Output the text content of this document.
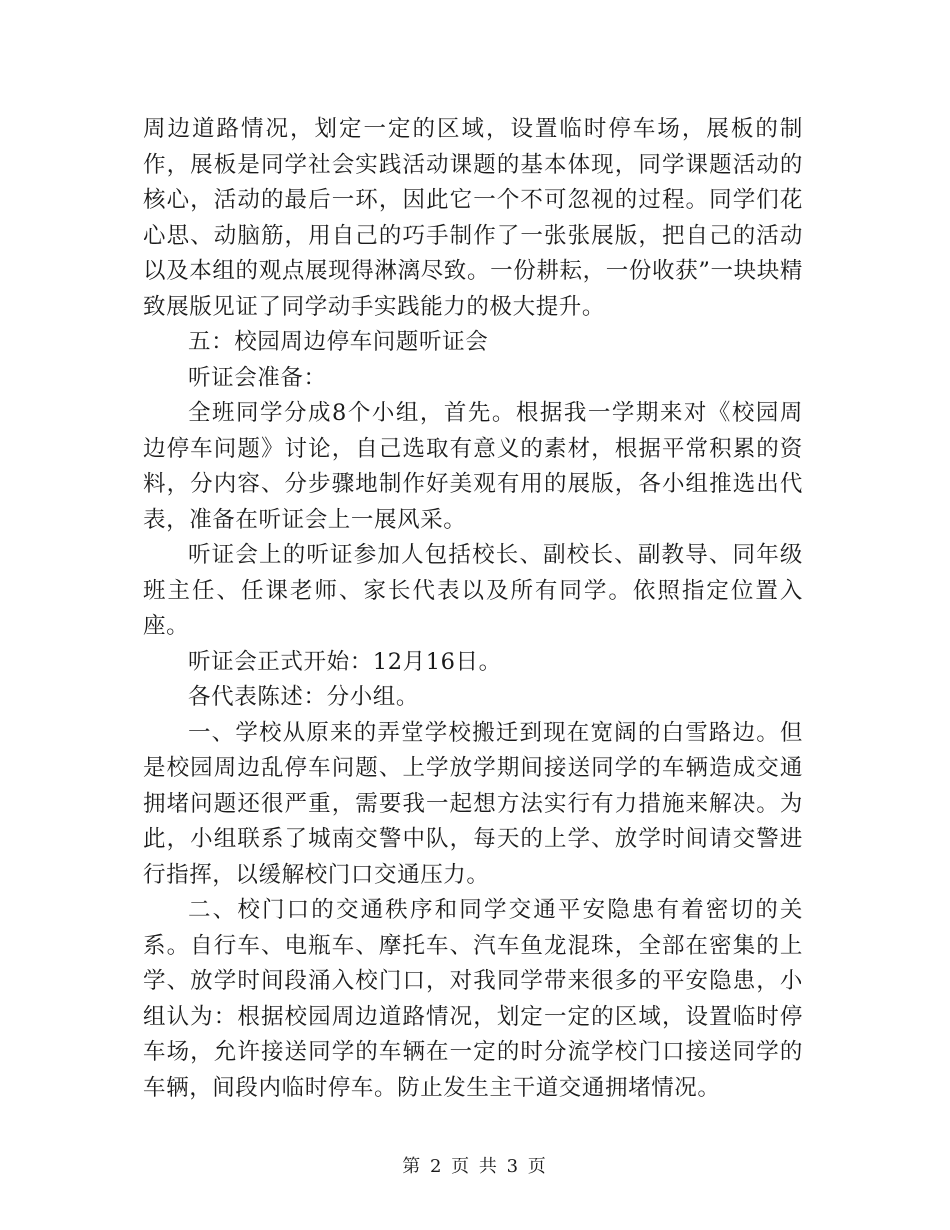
周边道路情况，划定一定的区域，设置临时停车场，展板的制作，展板是同学社会实践活动课题的基本体现，同学课题活动的核心，活动的最后一环，因此它一个不可忽视的过程。同学们花心思、动脑筋，用自己的巧手制作了一张张展版，把自己的活动以及本组的观点展现得淋漓尽致。一份耕耘，一份收获”一块块精致展版见证了同学动手实践能力的极大提升。

五：校园周边停车问题听证会

听证会准备：

全班同学分成8个小组，首先。根据我一学期来对《校园周边停车问题》讨论，自己选取有意义的素材，根据平常积累的资料，分内容、分步骤地制作好美观有用的展版，各小组推选出代表，准备在听证会上一展风采。

听证会上的听证参加人包括校长、副校长、副教导、同年级班主任、任课老师、家长代表以及所有同学。依照指定位置入座。

听证会正式开始：12月16日。

各代表陈述：分小组。

一、学校从原来的弄堂学校搬迁到现在宽阔的白雪路边。但是校园周边乱停车问题、上学放学期间接送同学的车辆造成交通拥堵问题还很严重，需要我一起想方法实行有力措施来解决。为此，小组联系了城南交警中队，每天的上学、放学时间请交警进行指挥，以缓解校门口交通压力。

二、校门口的交通秩序和同学交通平安隐患有着密切的关系。自行车、电瓶车、摩托车、汽车鱼龙混珠，全部在密集的上学、放学时间段涌入校门口，对我同学带来很多的平安隐患，小组认为：根据校园周边道路情况，划定一定的区域，设置临时停车场，允许接送同学的车辆在一定的时分流学校门口接送同学的车辆，间段内临时停车。防止发生主干道交通拥堵情况。

第 2 页 共 3 页
